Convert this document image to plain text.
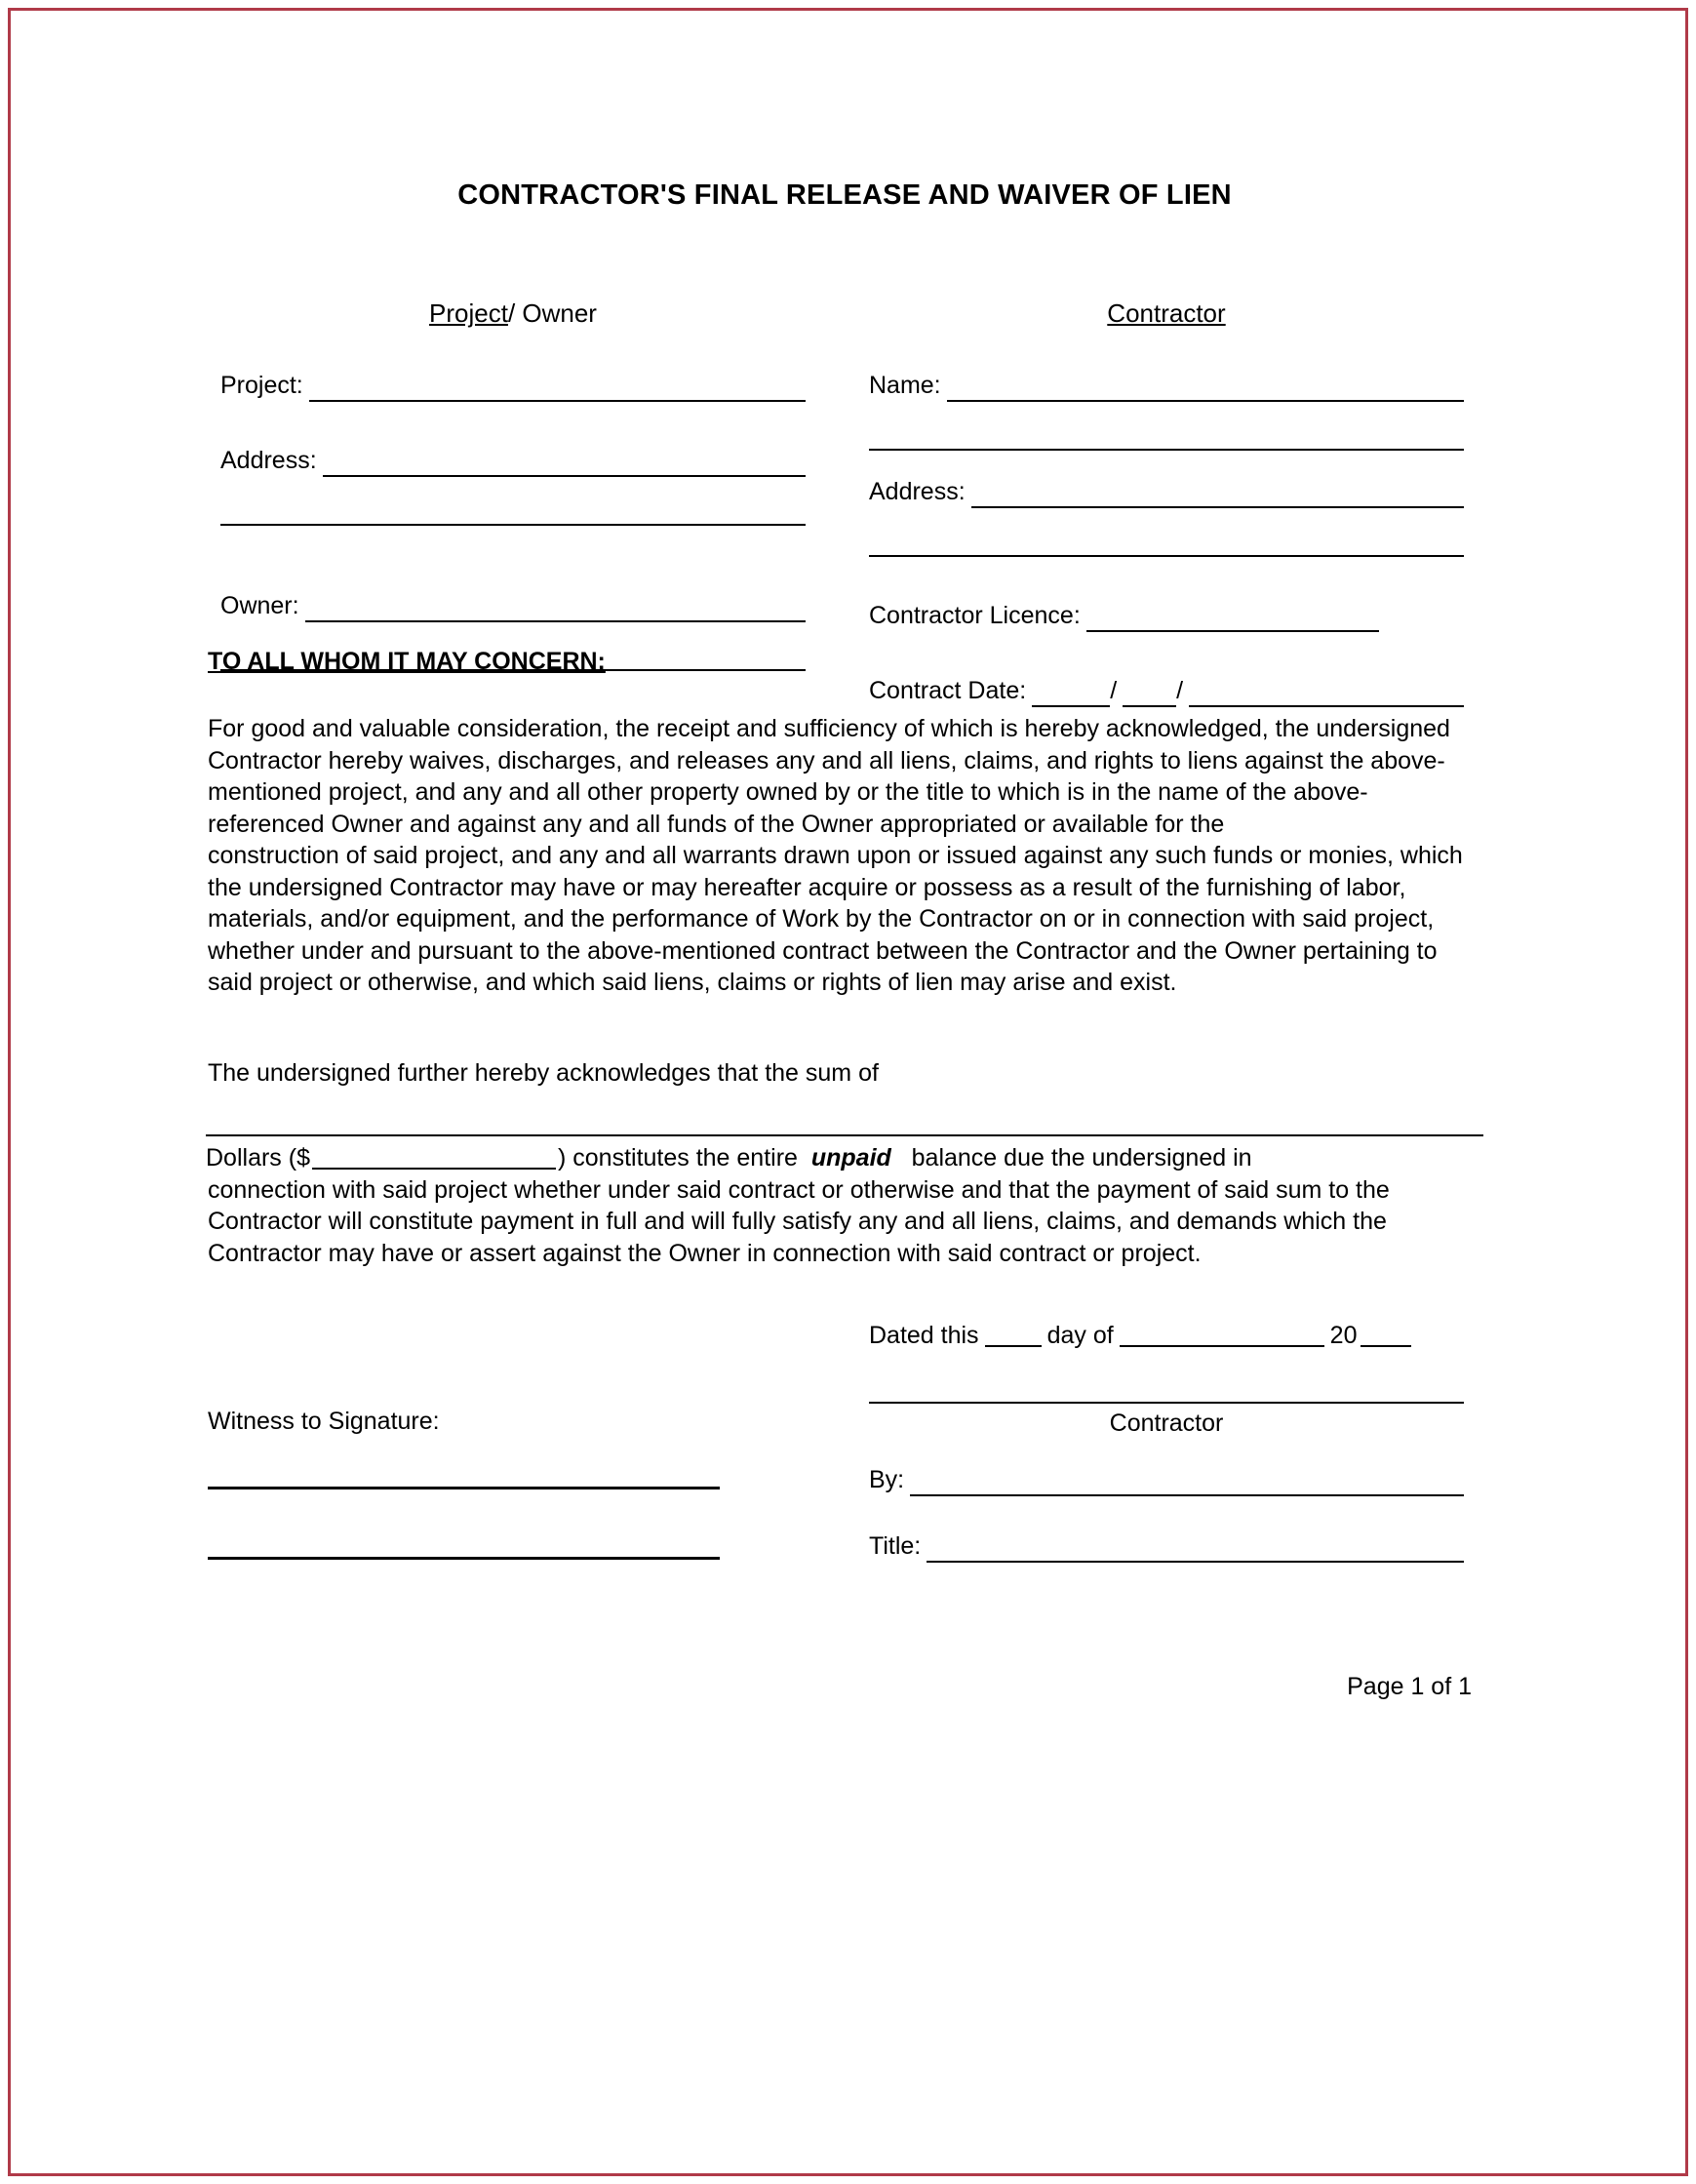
CONTRACTOR'S FINAL RELEASE AND WAIVER OF LIEN
Project/ Owner
Project:
Address:
Owner:
Contractor
Name:
Address:
Contractor Licence:
Contract Date:	/ /
TO ALL WHOM IT MAY CONCERN:
For good and valuable consideration, the receipt and sufficiency of which is hereby acknowledged, the undersigned Contractor hereby waives, discharges, and releases any and all liens, claims, and rights to liens against the above-mentioned project, and any and all other property owned by or the title to which is in the name of the above-referenced Owner and against any and all funds of the Owner appropriated or available for the
construction of said project, and any and all warrants drawn upon or issued against any such funds or monies, which the undersigned Contractor may have or may hereafter acquire or possess as a result of the furnishing of labor, materials, and/or equipment, and the performance of Work by the Contractor on or in connection with said project, whether under and pursuant to the above-mentioned contract between the Contractor and the Owner pertaining to said project or otherwise, and which said liens, claims or rights of lien may arise and exist.
The undersigned further hereby acknowledges that the sum of
Dollars ($	) constitutes the entire unpaid balance due the undersigned in
connection with said project whether under said contract or otherwise and that the payment of said sum to the Contractor will constitute payment in full and will fully satisfy any and all liens, claims, and demands which the Contractor may have or assert against the Owner in connection with said contract or project.
Dated this	day of	20
Contractor
Witness to Signature:
By:
Title:
Page 1 of 1
